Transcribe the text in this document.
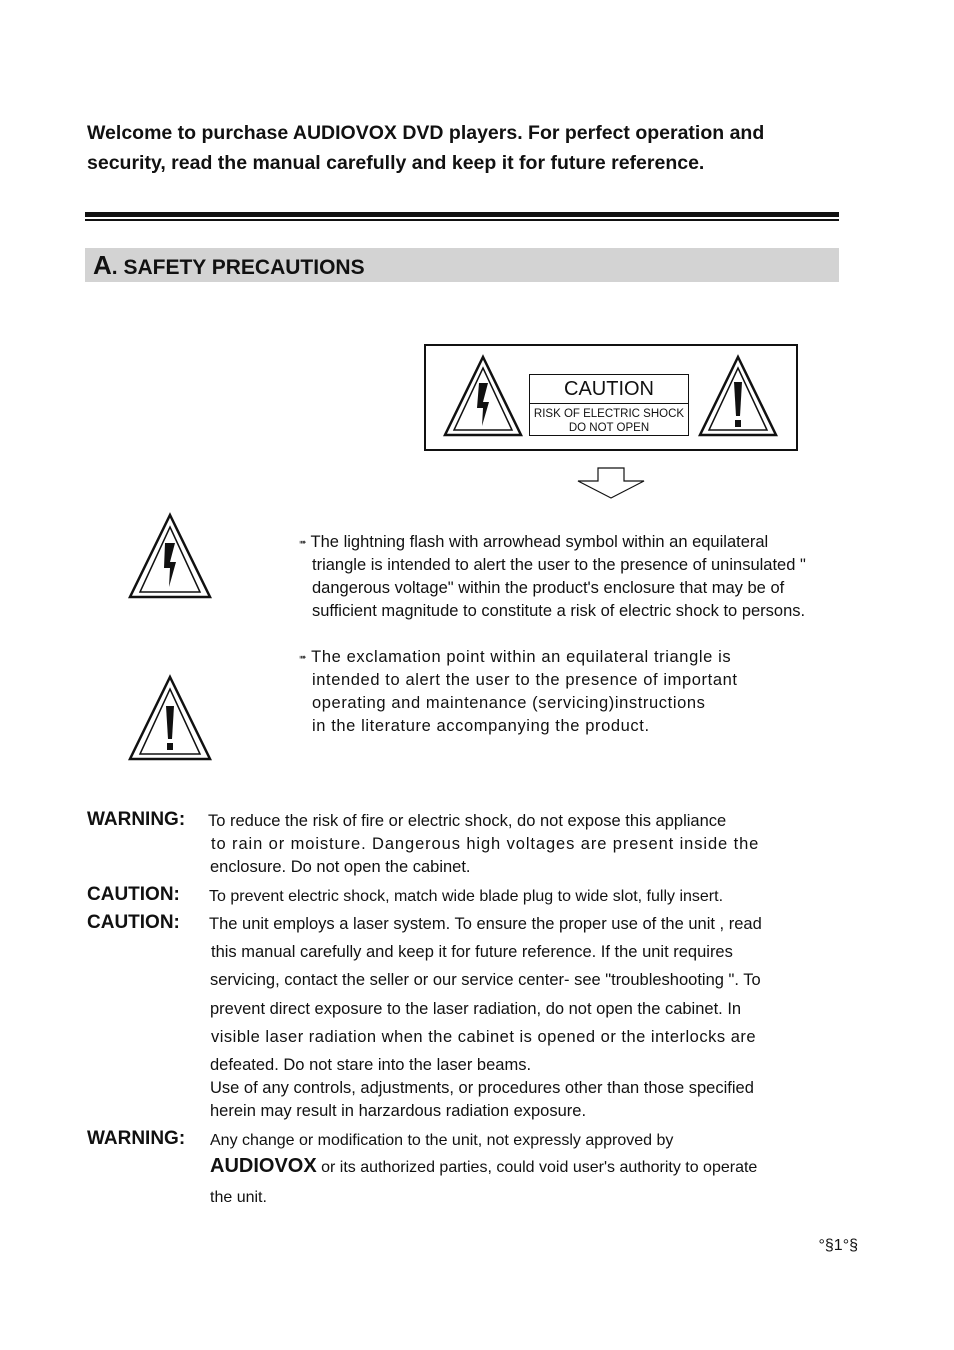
Welcome to purchase AUDIOVOX DVD players. For perfect operation and
security, read the manual carefully and keep it for future reference.
A. SAFETY PRECAUTIONS
CAUTION
RISK OF ELECTRIC SHOCK
DO NOT OPEN
➠ The lightning flash with arrowhead symbol within an equilateral
triangle is intended to alert the user to the presence of uninsulated "
dangerous voltage" within the product's enclosure that may be of
sufficient magnitude to constitute a risk of electric shock to persons.
➠ The exclamation point within an equilateral triangle is
intended to alert the user to the presence of important
operating and maintenance (servicing)instructions
in the literature accompanying the product.
WARNING: To reduce the risk of fire or electric shock, do not expose this appliance
to rain or moisture. Dangerous high voltages are present inside the
enclosure. Do not open the cabinet.
CAUTION: To prevent electric shock, match wide blade plug to wide slot, fully insert.
CAUTION: The unit employs a laser system. To ensure the proper use of the unit , read
this manual carefully and keep it for future reference. If the unit requires
servicing, contact the seller or our service center- see "troubleshooting ". To
prevent direct exposure to the laser radiation, do not open the cabinet. In
visible laser radiation when the cabinet is opened or the interlocks are
defeated. Do not stare into the laser beams.
Use of any controls, adjustments, or procedures other than those specified
herein may result in harzardous radiation exposure.
WARNING: Any change or modification to the unit, not expressly approved by
AUDIOVOX or its authorized parties, could void user's authority to operate
the unit.
°§1°§
